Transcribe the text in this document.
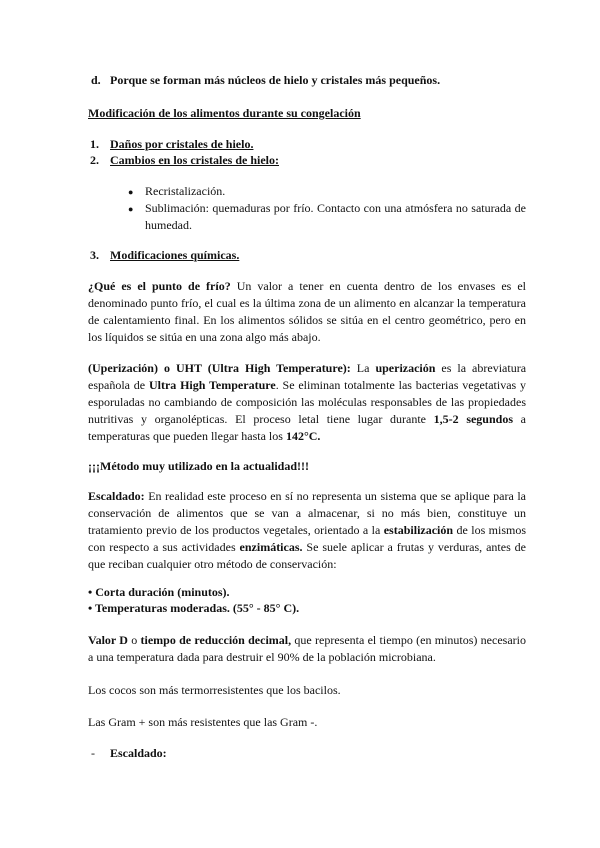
d. Porque se forman más núcleos de hielo y cristales más pequeños.
Modificación de los alimentos durante su congelación
1. Daños por cristales de hielo.
2. Cambios en los cristales de hielo:
● Recristalización.
● Sublimación: quemaduras por frío. Contacto con una atmósfera no saturada de humedad.
3. Modificaciones químicas.
¿Qué es el punto de frío? Un valor a tener en cuenta dentro de los envases es el denominado punto frío, el cual es la última zona de un alimento en alcanzar la temperatura de calentamiento final. En los alimentos sólidos se sitúa en el centro geométrico, pero en los líquidos se sitúa en una zona algo más abajo.
(Uperización) o UHT (Ultra High Temperature): La uperización es la abreviatura española de Ultra High Temperature. Se eliminan totalmente las bacterias vegetativas y esporuladas no cambiando de composición las moléculas responsables de las propiedades nutritivas y organolépticas. El proceso letal tiene lugar durante 1,5-2 segundos a temperaturas que pueden llegar hasta los 142°C.
¡¡¡Método muy utilizado en la actualidad!!!
Escaldado: En realidad este proceso en sí no representa un sistema que se aplique para la conservación de alimentos que se van a almacenar, si no más bien, constituye un tratamiento previo de los productos vegetales, orientado a la estabilización de los mismos con respecto a sus actividades enzimáticas. Se suele aplicar a frutas y verduras, antes de que reciban cualquier otro método de conservación:
• Corta duración (minutos).
• Temperaturas moderadas. (55° - 85° C).
Valor D o tiempo de reducción decimal, que representa el tiempo (en minutos) necesario a una temperatura dada para destruir el 90% de la población microbiana.
Los cocos son más termorresistentes que los bacilos.
Las Gram + son más resistentes que las Gram -.
- Escaldado:
